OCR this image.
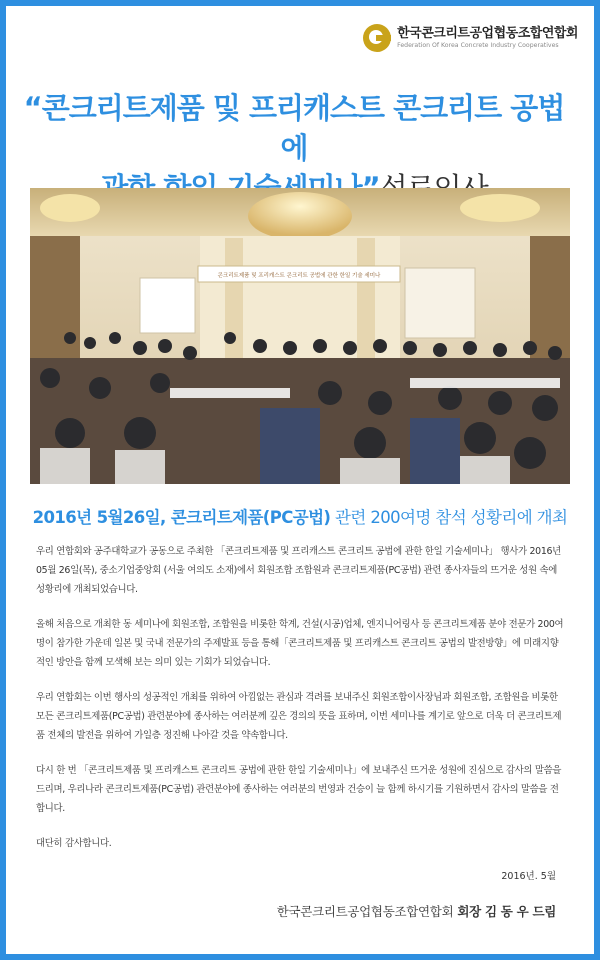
한국콘크리트공업협동조합연합회
Federation Of Korea Concrete Industry Cooperatives
“콘크리트제품 및 프리캐스트 콘크리트 공법에
콘크리트제품 및 프리캐스트 콘크리트 공법에 관한 한일 기술 세미나
2016년 5월26일, 콘크리트제품(PC공법) 관련 200여명 참석 성황리에 개최

우리 연합회와 공주대학교가 공동으로 주최한 「콘크리트제품 및 프리캐스트 콘크리트 공법에 관한 한일 기술세미나」 행사가 2016년 05월 26일(목), 중소기업중앙회 (서울 여의도 소재)에서 회원조합 조합원과 콘크리트제품(PC공법) 관련 종사자들의 뜨거운 성원 속에 성황리에 개최되었습니다.

올해 처음으로 개최한 동 세미나에 회원조합, 조합원을 비롯한 학계, 건설(시공)업체, 엔지니어링사 등 콘크리트제품 분야 전문가 200여명이 참가한 가운데 일본 및 국내 전문가의 주제발표 등을 통해「콘크리트제품 및 프리캐스트 콘크리트 공법의 발전방향」에 미래지향적인 방안을 함께 모색해 보는 의미 있는 기회가 되었습니다.

우리 연합회는 이번 행사의 성공적인 개최를 위하여 아낌없는 관심과 격려를 보내주신 회원조합이사장님과 회원조합, 조합원을 비롯한 모든 콘크리트제품(PC공법) 관련분야에 종사하는 여러분께 깊은 경의의 뜻을 표하며, 이번 세미나를 계기로 앞으로 더욱 더 콘크리트제품 전체의 발전을 위하여 가일층 정진해 나아갈 것을 약속합니다.

다시 한 번 「콘크리트제품 및 프리캐스트 콘크리트 공법에 관한 한일 기술세미나」에 보내주신 뜨거운 성원에 진심으로 감사의 말씀을 드리며, 우리나라 콘크리트제품(PC공법) 관련분야에 종사하는 여러분의 번영과 건승이 늘 함께 하시기를 기원하면서 감사의 말씀을 전 합니다.

대단히 감사합니다.

2016년. 5월
한국콘크리트공업협동조합연합회 회장 김 동 우 드림
